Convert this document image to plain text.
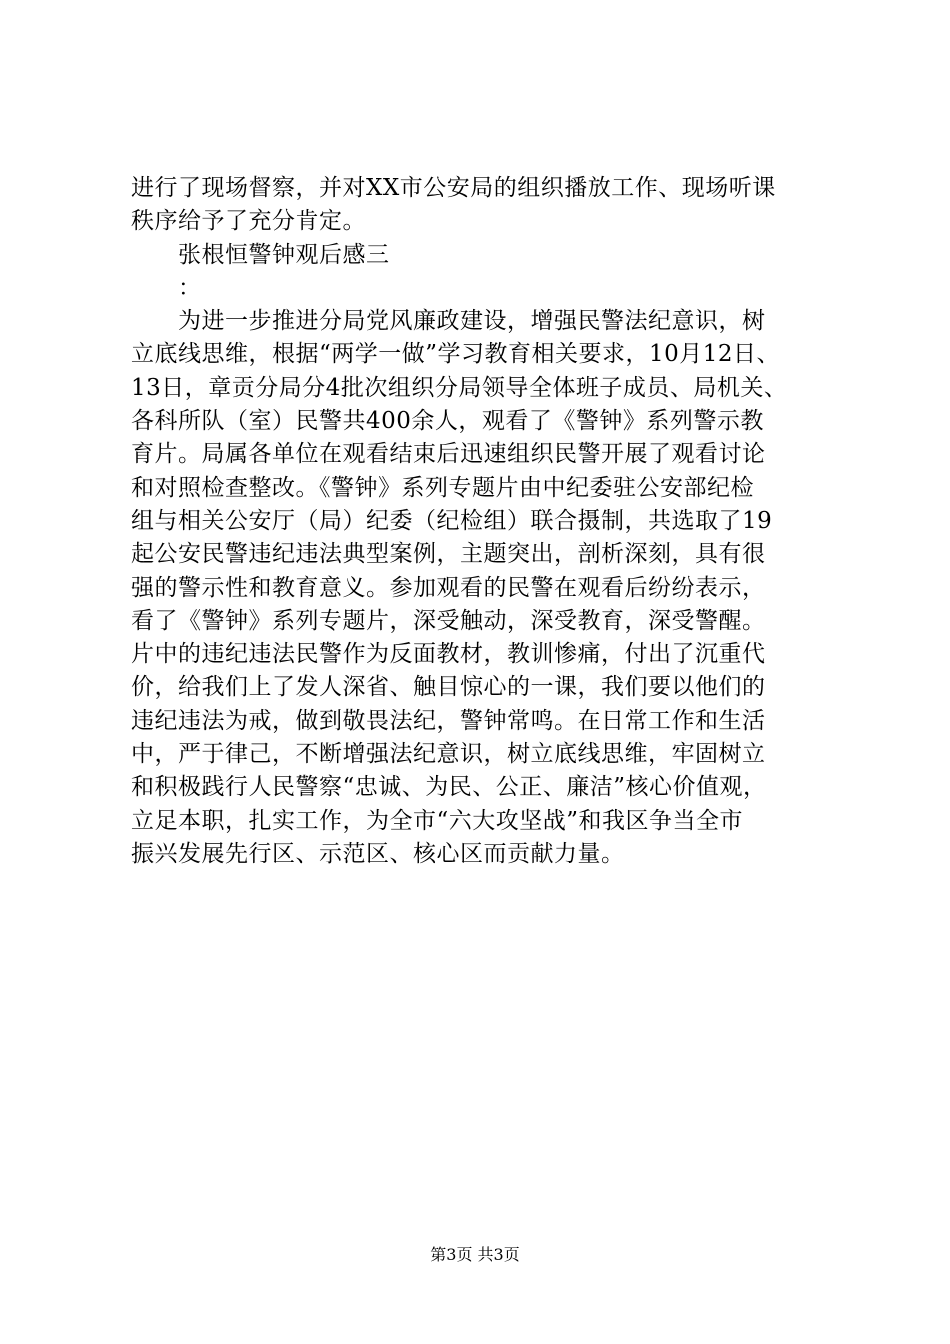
进行了现场督察，并对XX市公安局的组织播放工作、现场听课
秩序给予了充分肯定。
张根恒警钟观后感三
：
为进一步推进分局党风廉政建设，增强民警法纪意识，树
立底线思维，根据“两学一做”学习教育相关要求，10月12日、
13日，章贡分局分4批次组织分局领导全体班子成员、局机关、
各科所队（室）民警共400余人，观看了《警钟》系列警示教
育片。局属各单位在观看结束后迅速组织民警开展了观看讨论
和对照检查整改。《警钟》系列专题片由中纪委驻公安部纪检
组与相关公安厅（局）纪委（纪检组）联合摄制，共选取了19
起公安民警违纪违法典型案例，主题突出，剖析深刻，具有很
强的警示性和教育意义。参加观看的民警在观看后纷纷表示，
看了《警钟》系列专题片，深受触动，深受教育，深受警醒。
片中的违纪违法民警作为反面教材，教训惨痛，付出了沉重代
价，给我们上了发人深省、触目惊心的一课，我们要以他们的
违纪违法为戒，做到敬畏法纪，警钟常鸣。在日常工作和生活
中，严于律己，不断增强法纪意识，树立底线思维，牢固树立
和积极践行人民警察“忠诚、为民、公正、廉洁”核心价值观，
立足本职，扎实工作，为全市“六大攻坚战”和我区争当全市
振兴发展先行区、示范区、核心区而贡献力量。
第3页 共3页
